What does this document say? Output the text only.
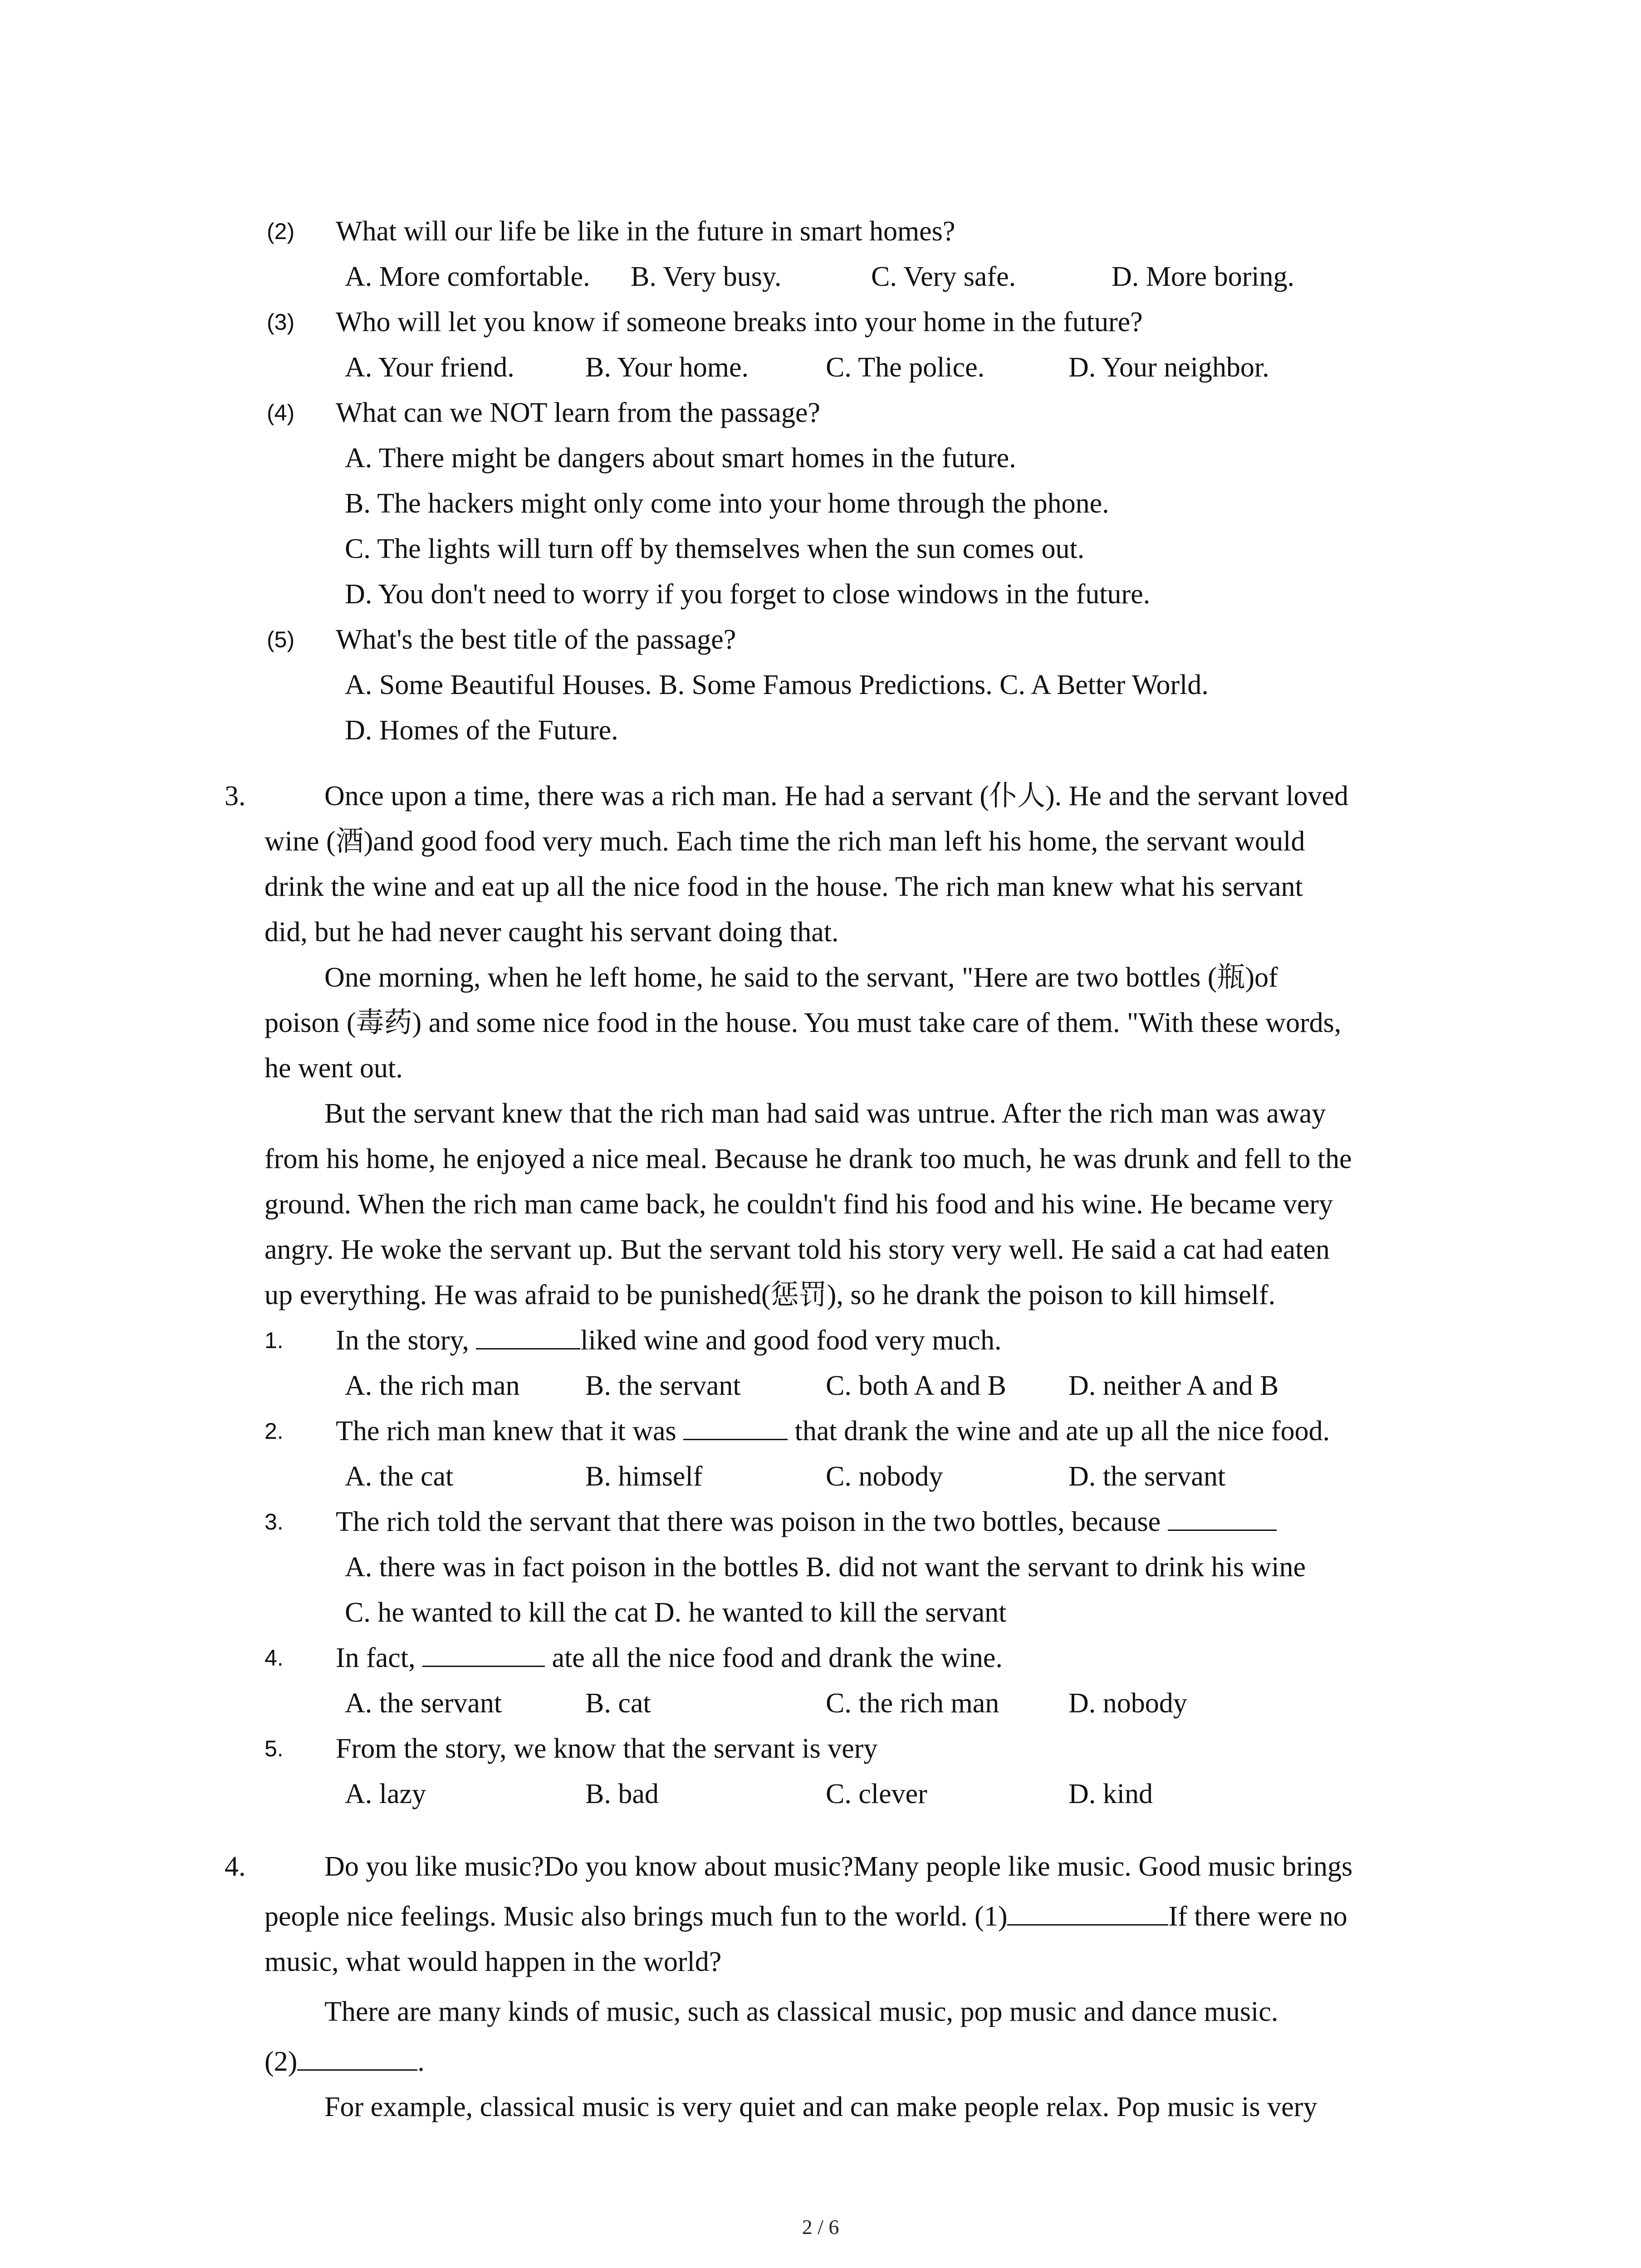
(2) What will our life be like in the future in smart homes?
A. More comfortable. B. Very busy.	C. Very safe.	D. More boring.
(3) Who will let you know if someone breaks into your home in the future?
A. Your friend.	B. Your home.	C. The police.	D. Your neighbor.
(4) What can we NOT learn from the passage?
A. There might be dangers about smart homes in the future.
B. The hackers might only come into your home through the phone.
C. The lights will turn off by themselves when the sun comes out.
D. You don't need to worry if you forget to close windows in the future.
(5) What's the best title of the passage?
A. Some Beautiful Houses. B. Some Famous Predictions. C. A Better World.
D. Homes of the Future.
3.	Once upon a time, there was a rich man. He had a servant (仆人). He and the servant loved
wine (酒)and good food very much. Each time the rich man left his home, the servant would
drink the wine and eat up all the nice food in the house. The rich man knew what his servant
did, but he had never caught his servant doing that.
One morning, when he left home, he said to the servant, "Here are two bottles (瓶)of
poison (毒药) and some nice food in the house. You must take care of them. "With these words,
he went out.
But the servant knew that the rich man had said was untrue. After the rich man was away
from his home, he enjoyed a nice meal. Because he drank too much, he was drunk and fell to the
ground. When the rich man came back, he couldn't find his food and his wine. He became very
angry. He woke the servant up. But the servant told his story very well. He said a cat had eaten
up everything. He was afraid to be punished(惩罚), so he drank the poison to kill himself.
1. In the story,	liked wine and good food very much.
A. the rich man B. the servant	C. both A and B D. neither A and B
2. The rich man knew that it was	that drank the wine and ate up all the nice food.
A. the cat	B. himself	C. nobody	D. the servant
3. The rich told the servant that there was poison in the two bottles, because
A. there was in fact poison in the bottles B. did not want the servant to drink his wine
C. he wanted to kill the cat D. he wanted to kill the servant
4. In fact,	ate all the nice food and drank the wine.
A. the servant	B. cat	C. the rich man D. nobody
5. From the story, we know that the servant is very
A. lazy	B. bad	C. clever	D. kind
4.	Do you like music?Do you know about music?Many people like music. Good music brings
people nice feelings. Music also brings much fun to the world. (1)	If there were no
music, what would happen in the world?
There are many kinds of music, such as classical music, pop music and dance music.
(2)	.
For example, classical music is very quiet and can make people relax. Pop music is very
2 / 6
